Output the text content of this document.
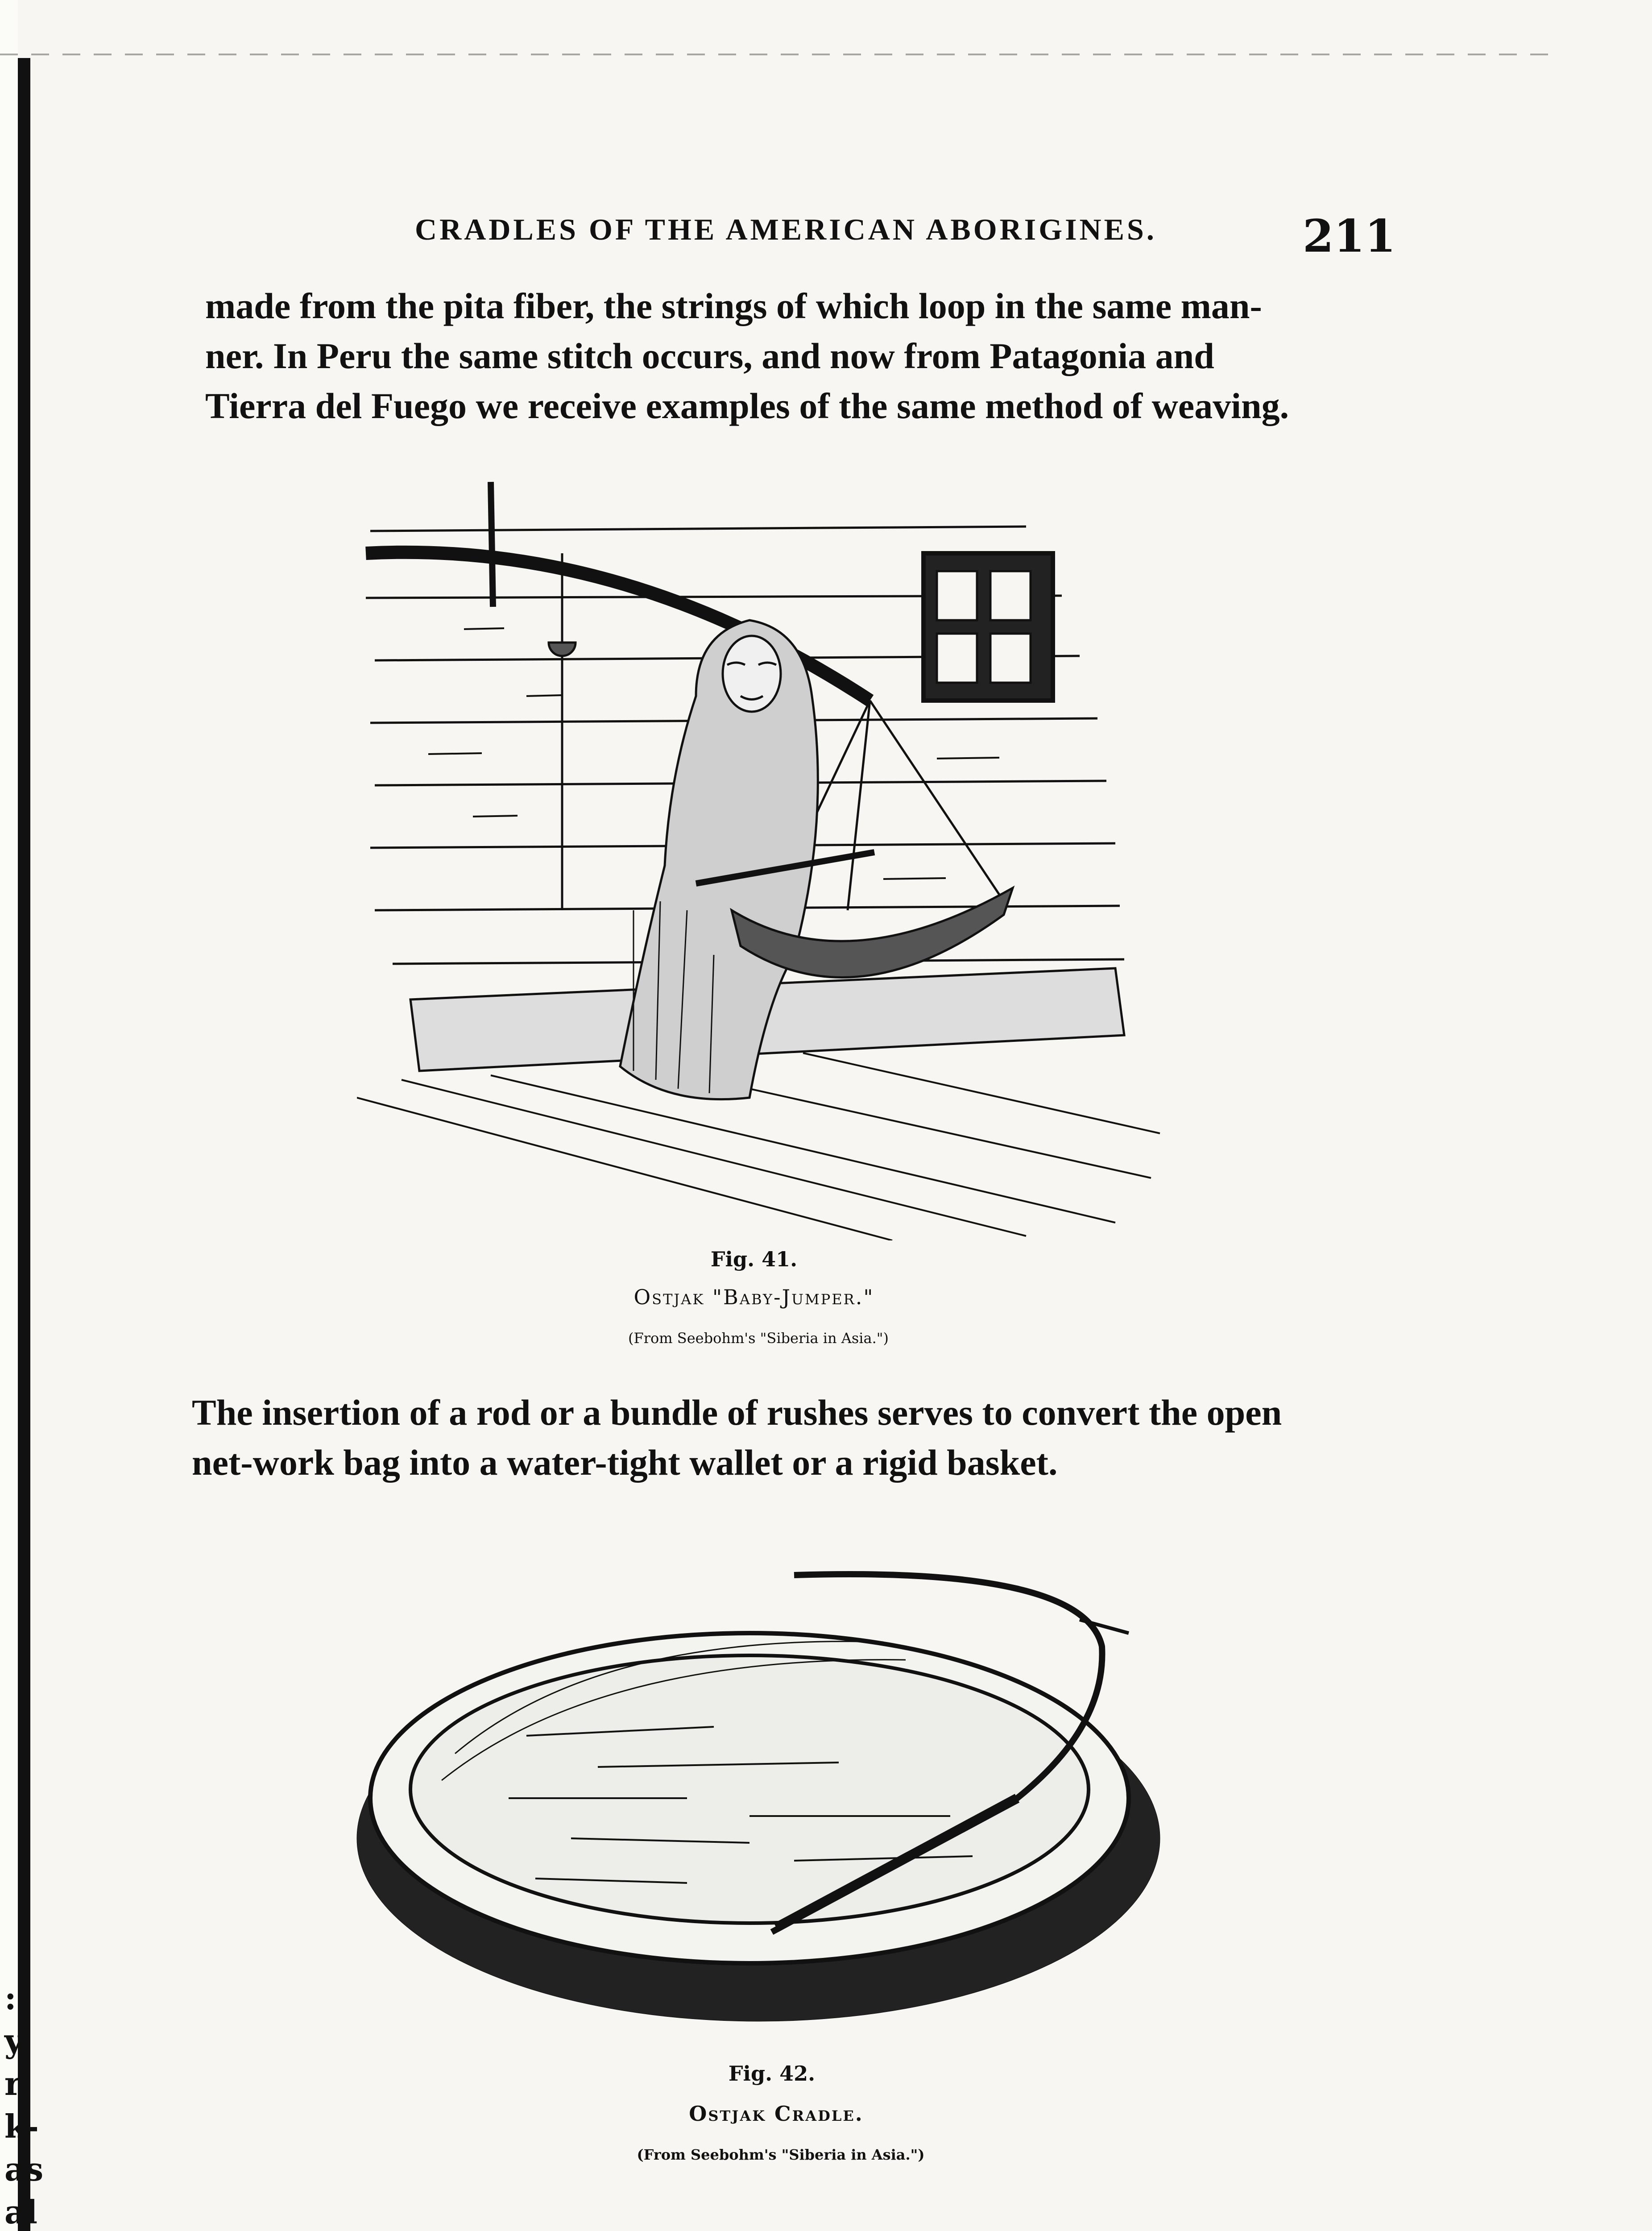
:-
y.
r,
k-
as
al

CRADLES OF THE AMERICAN ABORIGINES.	211
made from the pita fiber, the strings of which loop in the same man-
ner. In Peru the same stitch occurs, and now from Patagonia and
Tierra del Fuego we receive examples of the same method of weaving.
Fig. 41.
Ostjak "Baby-Jumper."
(From Seebohm's "Siberia in Asia.")
The insertion of a rod or a bundle of rushes serves to convert the open
net-work bag into a water-tight wallet or a rigid basket.
Fig. 42.
Ostjak Cradle.
(From Seebohm's "Siberia in Asia.")
